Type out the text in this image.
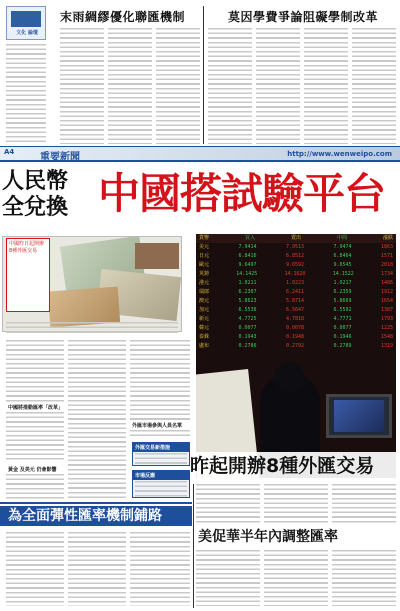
文化 論壇
末雨綢繆優化聯匯機制	莫因學費爭論阻礙學制改革
A4	重要新聞	http://www.wenweipo.com
人民幣
全兌換 中國搭試驗平台
中國昨日起開辦8種外匯交易
貨幣	買入	賣出	中間	漲跌
美元	7.9414	7.9513	7.9474	1863
日元	6.8416	6.8512	6.8464	1571
歐元	9.6497	9.6592	9.6545	2018
英鎊	14.1425	14.1620	14.1522	1734
港元	1.0211	1.0223	1.0217	1486
瑞郎	6.2307	6.2411	6.2359	1912
澳元	5.8623	5.8714	5.8669	1654
加元	6.5538	6.5647	6.5592	1387
新元	4.7725	4.7818	4.7771	1793
韓元	0.0077	0.0078	0.0077	1225
泰銖	0.1943	0.1948	0.1946	1548
盧布	0.2786	0.2792	0.2789	1319
昨起開辦8種外匯交易
中國將推動匯率「改革」
黃金 及美元 仍會影響
外匯市場參與人員名單
外匯交易新措施
市場反應
為全面彈性匯率機制鋪路
美促華半年內調整匯率
